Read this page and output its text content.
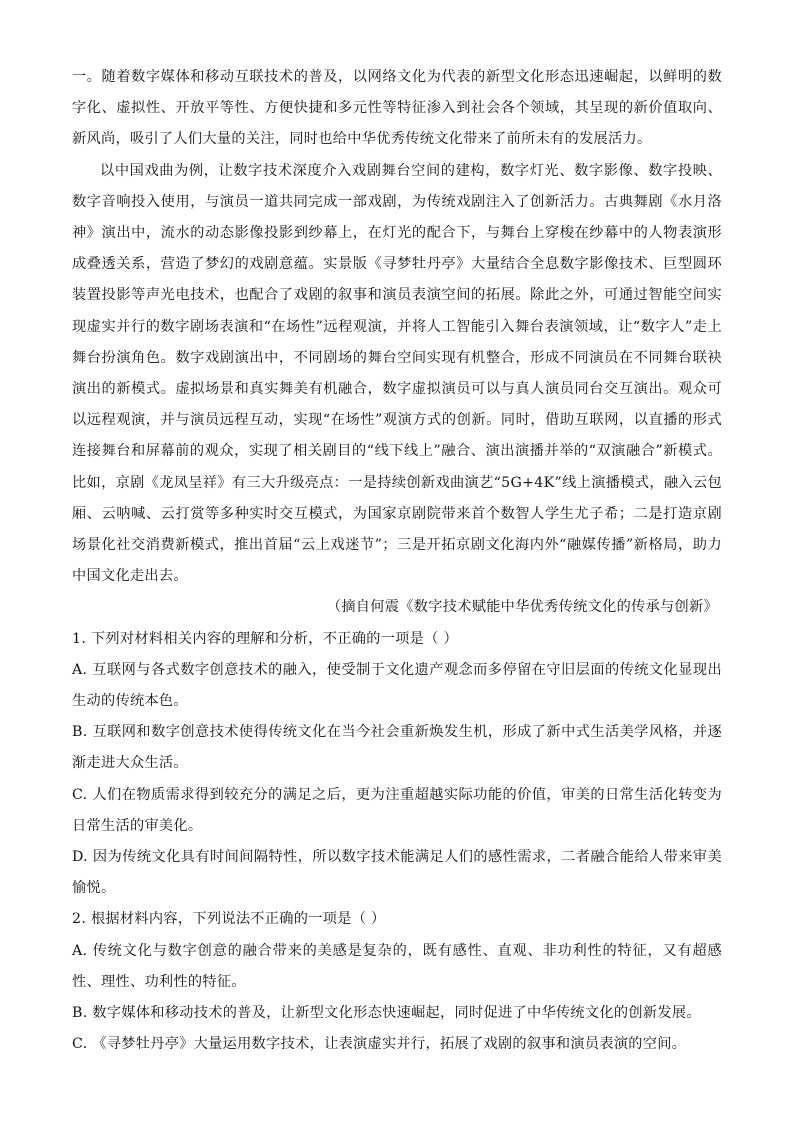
一。随着数字媒体和移动互联技术的普及，以网络文化为代表的新型文化形态迅速崛起，以鲜明的数字化、虚拟性、开放平等性、方便快捷和多元性等特征渗入到社会各个领域，其呈现的新价值取向、新风尚，吸引了人们大量的关注，同时也给中华优秀传统文化带来了前所未有的发展活力。

以中国戏曲为例，让数字技术深度介入戏剧舞台空间的建构，数字灯光、数字影像、数字投映、数字音响投入使用，与演员一道共同完成一部戏剧，为传统戏剧注入了创新活力。古典舞剧《水月洛神》演出中，流水的动态影像投影到纱幕上，在灯光的配合下，与舞台上穿梭在纱幕中的人物表演形成叠透关系，营造了梦幻的戏剧意蕴。实景版《寻梦牡丹亭》大量结合全息数字影像技术、巨型圆环装置投影等声光电技术，也配合了戏剧的叙事和演员表演空间的拓展。除此之外，可通过智能空间实现虚实并行的数字剧场表演和“在场性”远程观演，并将人工智能引入舞台表演领域，让“数字人”走上舞台扮演角色。数字戏剧演出中，不同剧场的舞台空间实现有机整合，形成不同演员在不同舞台联袂演出的新模式。虚拟场景和真实舞美有机融合，数字虚拟演员可以与真人演员同台交互演出。观众可以远程观演，并与演员远程互动，实现“在场性”观演方式的创新。同时，借助互联网，以直播的形式连接舞台和屏幕前的观众，实现了相关剧目的“线下线上”融合、演出演播并举的“双演融合”新模式。比如，京剧《龙凤呈祥》有三大升级亮点：一是持续创新戏曲演艺“5G+4K”线上演播模式，融入云包厢、云呐喊、云打赏等多种实时交互模式，为国家京剧院带来首个数智人学生尤子希；二是打造京剧场景化社交消费新模式，推出首届“云上戏迷节”；三是开拓京剧文化海内外“融媒传播”新格局，助力中国文化走出去。

（摘自何震《数字技术赋能中华优秀传统文化的传承与创新》

1. 下列对材料相关内容的理解和分析，不正确的一项是（ ）

A. 互联网与各式数字创意技术的融入，使受制于文化遗产观念而多停留在守旧层面的传统文化显现出生动的传统本色。

B. 互联网和数字创意技术使得传统文化在当今社会重新焕发生机，形成了新中式生活美学风格，并逐渐走进大众生活。

C. 人们在物质需求得到较充分的满足之后，更为注重超越实际功能的价值，审美的日常生活化转变为日常生活的审美化。

D. 因为传统文化具有时间间隔特性，所以数字技术能满足人们的感性需求，二者融合能给人带来审美愉悦。

2. 根据材料内容，下列说法不正确的一项是（ ）

A. 传统文化与数字创意的融合带来的美感是复杂的，既有感性、直观、非功利性的特征，又有超感性、理性、功利性的特征。

B. 数字媒体和移动技术的普及，让新型文化形态快速崛起，同时促进了中华传统文化的创新发展。

C. 《寻梦牡丹亭》大量运用数字技术，让表演虚实并行，拓展了戏剧的叙事和演员表演的空间。
